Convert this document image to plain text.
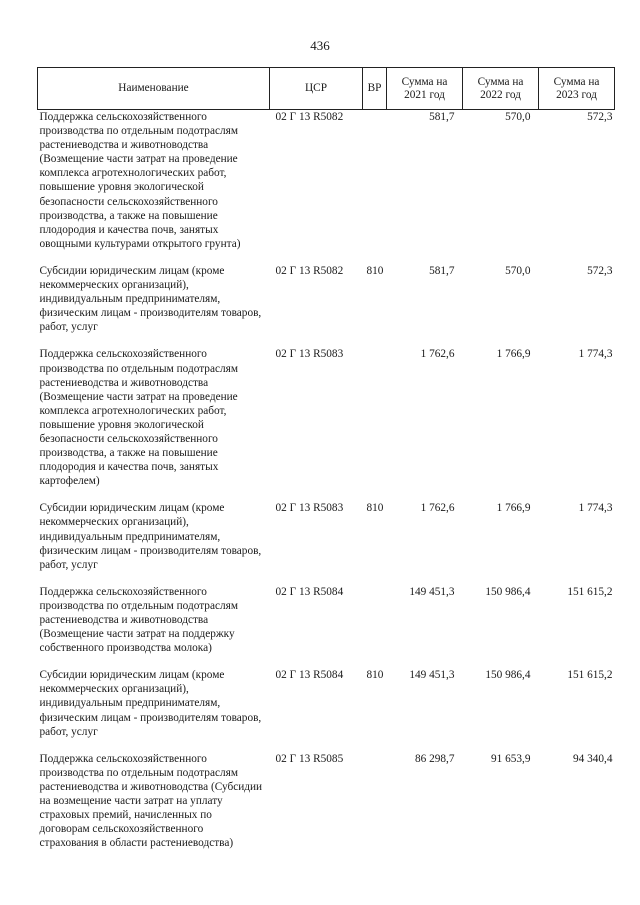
436
Наименование	ЦСР	ВР	Сумма на 2021 год	Сумма на 2022 год	Сумма на 2023 год
Поддержка сельскохозяйственного производства по отдельным подотраслям растениеводства и животноводства (Возмещение части затрат на проведение комплекса агротехнологических работ, повышение уровня экологической безопасности сельскохозяйственного производства, а также на повышение плодородия и качества почв, занятых овощными культурами открытого грунта)	02 Г 13 R5082		581,7	570,0	572,3
Субсидии юридическим лицам (кроме некоммерческих организаций), индивидуальным предпринимателям, физическим лицам - производителям товаров, работ, услуг	02 Г 13 R5082	810	581,7	570,0	572,3
Поддержка сельскохозяйственного производства по отдельным подотраслям растениеводства и животноводства (Возмещение части затрат на проведение комплекса агротехнологических работ, повышение уровня экологической безопасности сельскохозяйственного производства, а также на повышение плодородия и качества почв, занятых картофелем)	02 Г 13 R5083		1 762,6	1 766,9	1 774,3
Субсидии юридическим лицам (кроме некоммерческих организаций), индивидуальным предпринимателям, физическим лицам - производителям товаров, работ, услуг	02 Г 13 R5083	810	1 762,6	1 766,9	1 774,3
Поддержка сельскохозяйственного производства по отдельным подотраслям растениеводства и животноводства (Возмещение части затрат на поддержку собственного производства молока)	02 Г 13 R5084		149 451,3	150 986,4	151 615,2
Субсидии юридическим лицам (кроме некоммерческих организаций), индивидуальным предпринимателям, физическим лицам - производителям товаров, работ, услуг	02 Г 13 R5084	810	149 451,3	150 986,4	151 615,2
Поддержка сельскохозяйственного производства по отдельным подотраслям растениеводства и животноводства (Субсидии на возмещение части затрат на уплату страховых премий, начисленных по договорам сельскохозяйственного страхования в области растениеводства)	02 Г 13 R5085		86 298,7	91 653,9	94 340,4
